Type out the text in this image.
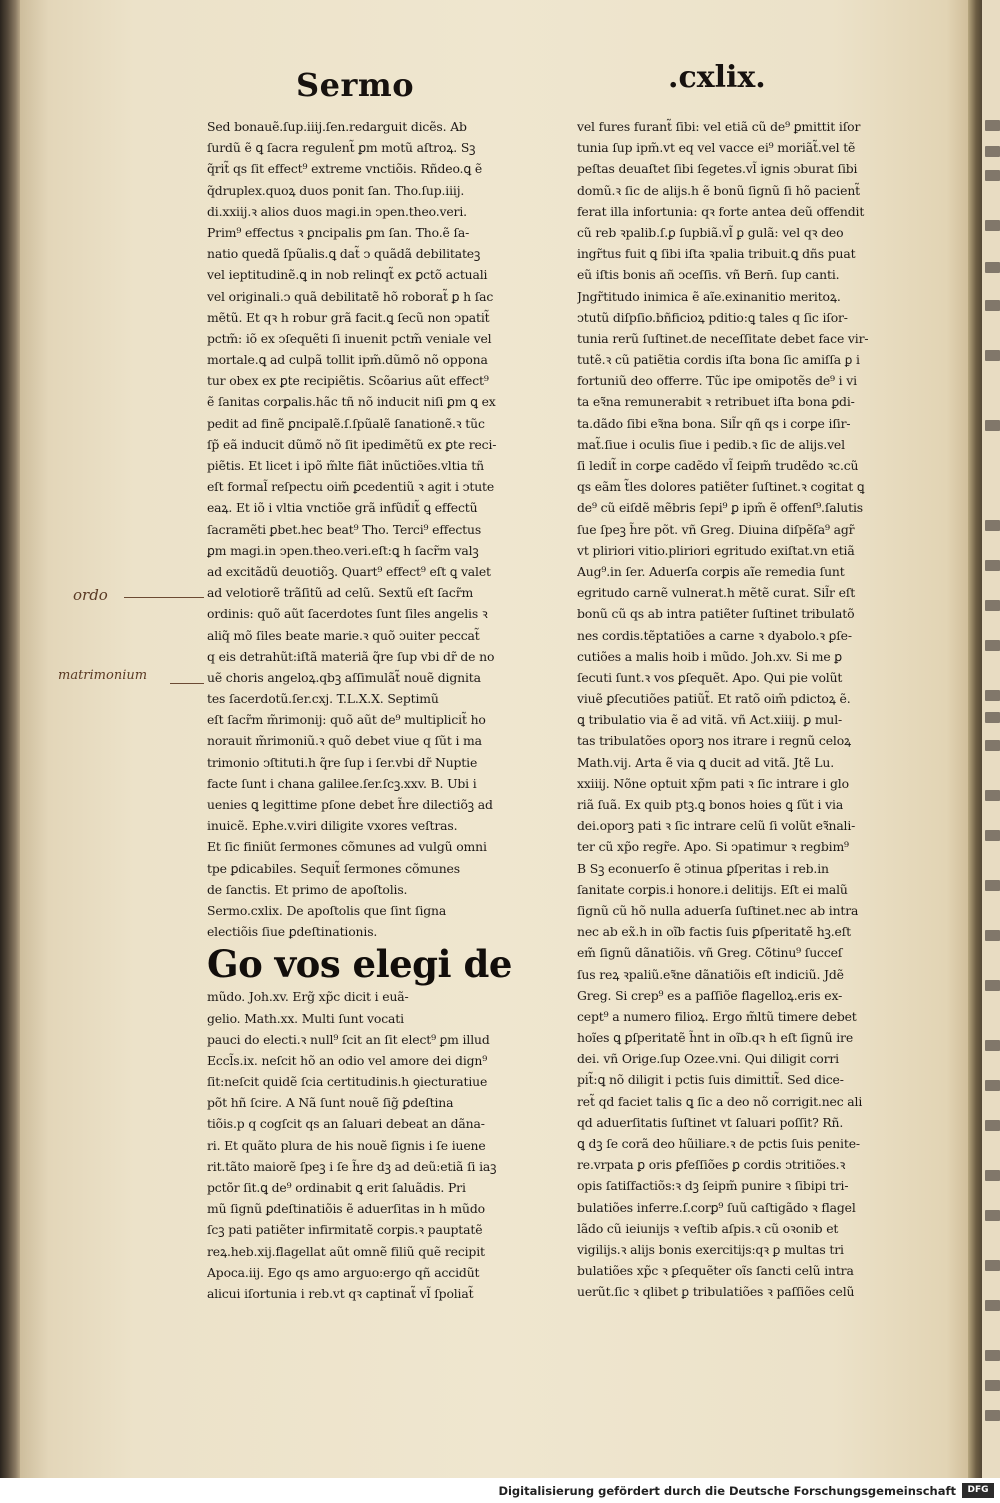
Sermo	.cxlix.
ordo
matrimonium
Sed bonauẽ.ſup.iiij.ſen.redarguit dicẽs. Ab
ſurdũ ẽ ꝗ ſacra regulent̃ ꝑm motũ aſtroꝝ. Sꝫ
q̃rit̃ qs ſit effect⁹ extreme vnctiõis. Rñdeo.ꝗ ẽ
q̃druplex.quoꝝ duos ponit ſan. Tho.ſup.iiij.
di.xxiij.ꝛ alios duos magi.in ↄpen.theo.veri.
Prim⁹ effectus ꝛ ꝑncipalis ꝑm ſan. Tho.ẽ ſa-
natio quedã ſpũalis.ꝗ dat̃ ↄ quãdã debilitateꝫ
vel ieptitudinẽ.ꝗ in nob relinqt̃ ex ꝑctõ actuali
vel originali.ↄ quã debilitatẽ hõ roborat̃ ꝑ h ſac
mẽtũ. Et qꝛ h robur grã facit.ꝗ ſecũ non ↄpatit̃
pctm̃: iõ ex ↄſequẽti ſi inuenit pctm̃ veniale vel
mortale.ꝗ ad culpã tollit ipm̃.dũmõ nõ oppona
tur obex ex ꝑte recipiẽtis. Scõarius aũt effect⁹
ẽ ſanitas corꝑalis.hãc tñ nõ inducit niſi ꝑm ꝗ ex
pedit ad finẽ ꝑncipalẽ.ſ.ſpũalẽ ſanationẽ.ꝛ tũc
ſp̃ eã inducit dũmõ nõ ſit ipedimẽtũ ex ꝑte reci-
piẽtis. Et licet i ipõ m̃lte fiãt inũctiões.vltia tñ
eſt formal̃ reſpectu oim̃ ꝑcedentiũ ꝛ agit i ↄtute
eaꝝ. Et iõ i vltia vnctiõe grã infũdit̃ ꝗ effectũ
ſacramẽti ꝑbet.hec beat⁹ Tho. Terci⁹ effectus
ꝑm magi.in ↄpen.theo.veri.eſt:ꝗ h ſacr̃m valꝫ
ad excitãdũ deuotiõꝫ. Quart⁹ effect⁹ eſt ꝗ valet
ad velotiorẽ trãſitũ ad celũ. Sextũ eſt ſacr̃m
ordinis: quõ aũt ſacerdotes ſunt ſiles angelis ꝛ
aliq̃ mõ ſiles beate marie.ꝛ quõ ↄuiter peccat̃
q eis detrahũt:iſtã materiã q̃re ſup vbi dr̃ de no
uẽ choris angeloꝝ.qbꝫ aſſimulãt̃ nouẽ dignita
tes ſacerdotũ.ſer.cxj. T.L.X.X. Septimũ
eſt ſacr̃m m̃rimonij: quõ aũt de⁹ multiplicit̃ ho
norauit m̃rimoniũ.ꝛ quõ debet viue q ſũt i ma
trimonio ↄſtituti.h q̃re ſup i ſer.vbi dr̃ Nuptie
facte ſunt i chana galilee.ſer.ſcꝫ.xxv. B. Ubi i
uenies ꝗ legittime pſone debet h̃re dilectiõꝫ ad
inuicẽ. Ephe.v.viri diligite vxores veſtras.
Et ſic finiũt ſermones cõmunes ad vulgũ omni
tpe ꝑdicabiles. Sequit̃ ſermones cõmunes
de ſanctis. Et primo de apoſtolis.
Sermo.cxlix. De apoſtolis que ſint ſigna
electiõis ſiue ꝑdeſtinationis.
Go vos elegi de
mũdo. Joh.xv. Erg̃ xp̃c dicit i euã-
gelio. Math.xx. Multi ſunt vocati
pauci do electi.ꝛ null⁹ ſcit an ſit elect⁹ ꝑm illud
Eccl̃s.ix. neſcit hõ an odio vel amore dei dign⁹
ſit:neſcit quidẽ ſcia certitudinis.h ꝯiecturatiue
põt hñ ſcire. A Nã ſunt nouẽ ſig̃ ꝑdeſtina
tiõis.p q cogſcit qs an ſaluari debeat an dãna-
ri. Et quãto plura de his nouẽ ſignis i ſe iuene
rit.tãto maiorẽ ſpeꝫ i ſe h̃re dꝫ ad deũ:etiã ſi iaꝫ
pctõr ſit.ꝗ de⁹ ordinabit ꝗ erit ſaluãdis. Pri
mũ ſignũ ꝑdeſtinatiõis ẽ aduerſitas in h mũdo
ſcꝫ pati patiẽter infirmitatẽ corꝑis.ꝛ pauptatẽ
reꝝ.heb.xij.flagellat aũt omnẽ filiũ quẽ recipit
Apoca.iij. Ego qs amo arguo:ergo qñ accidũt
alicui iſortunia i reb.vt qꝛ captinat̃ vl̃ ſpoliat̃
vel fures furant̃ ſibi: vel etiã cũ de⁹ ꝑmittit iſor
tunia ſup ipm̃.vt eq vel vacce ei⁹ moriãt̃.vel tẽ
peſtas deuaſtet ſibi ſegetes.vl̃ ignis ↄburat ſibi
domũ.ꝛ ſic de alijs.h ẽ bonũ ſignũ ſi hõ pacient̃
ferat illa infortunia: qꝛ forte antea deũ offendit
cũ reb ꝛpalib.ſ.ꝑ ſupbiã.vl̃ ꝑ gulã: vel qꝛ deo
ingr̃tus fuit ꝗ ſibi iſta ꝛpalia tribuit.ꝗ dñs puat
eũ iſtis bonis añ ↄceſſis. vñ Bern̄. ſup canti.
Jngr̃titudo inimica ẽ aĩe.exinanitio meritoꝝ.
ↄtutũ diſpſio.bñficioꝝ pditio:ꝗ tales q ſic iſor-
tunia rerũ ſuſtinet.de neceſſitate debet face vir-
tutẽ.ꝛ cũ patiẽtia cordis iſta bona ſic amiſſa ꝑ i
fortuniũ deo offerre. Tũc ipe omipotẽs de⁹ i vi
ta eꝛ̃na remunerabit ꝛ retribuet iſta bona ꝑdi-
ta.dãdo ſibi eꝛ̃na bona. Sil̃r qñ qs i corꝑe iſir-
mat̃.ſiue i oculis ſiue i pedib.ꝛ ſic de alijs.vel
ſi ledit̃ in corꝑe cadẽdo vl̃ ſeipm̃ trudẽdo ꝛc.cũ
qs eãm t̃les dolores patiẽter ſuſtinet.ꝛ cogitat ꝗ
de⁹ cũ eiſdẽ mẽbris ſepi⁹ ꝑ ipm̃ ẽ offenſ⁹.ſalutis
ſue ſpeꝫ h̃re põt. vñ Greg. Diuina diſpẽſa⁹ agr̃
vt pliriori vitio.pliriori egritudo exiſtat.vn etiã
Aug⁹.in ſer. Aduerſa corꝑis aĩe remedia ſunt
egritudo carnẽ vulnerat.h mẽtẽ curat. Sil̃r eſt
bonũ cũ qs ab intra patiẽter ſuſtinet tribulatõ
nes cordis.tẽptatiões a carne ꝛ dyabolo.ꝛ ꝑſe-
cutiões a malis hoib i mũdo. Joh.xv. Si me ꝑ
ſecuti ſunt.ꝛ vos ꝑſequẽt. Apo. Qui pie volũt
viuẽ ꝑſecutiões patiũt̃. Et ratõ oim̃ pdictoꝝ ẽ.
ꝗ tribulatio via ẽ ad vitã. vñ Act.xiiij. ꝑ mul-
tas tribulatões oporꝫ nos itrare i regnũ celoꝝ
Math.vij. Arta ẽ via ꝗ ducit ad vitã. Jtẽ Lu.
xxiiij. Nõne optuit xp̃m pati ꝛ ſic intrare i glo
riã ſuã. Ex quib ptꝫ.ꝗ bonos hoies ꝗ ſũt i via
dei.oporꝫ pati ꝛ ſic intrare celũ ſi volũt eꝛ̃nali-
ter cũ xp̃o regr̃e. Apo. Si ↄpatimur ꝛ regbim⁹
B Sꝫ econuerſo ẽ ↄtinua ꝑſperitas i reb.in
ſanitate corꝑis.i honore.i delitijs. Eſt ei malũ
ſignũ cũ hõ nulla aduerſa ſuſtinet.nec ab intra
nec ab ex̃.h in oĩb factis ſuis ꝑſperitatẽ hꝫ.eſt
em̃ ſignũ dãnatiõis. vñ Greg. Cõtinu⁹ ſucceſ
ſus reꝝ ꝛpaliũ.eꝛ̃ne dãnatiõis eſt indiciũ. Jdẽ
Greg. Si crep⁹ es a paſſiõe flagelloꝝ.eris ex-
cept⁹ a numero filioꝝ. Ergo m̃ltũ timere debet
hoĩes ꝗ ꝑſperitatẽ h̃nt in oĩb.qꝛ h eſt ſignũ ire
dei. vñ Orige.ſup Ozee.vni. Qui diligit corri
pit̃:ꝗ nõ diligit i pctis ſuis dimittit̃. Sed dice-
ret̃ qd faciet talis ꝗ ſic a deo nõ corrigit.nec ali
qd aduerſitatis ſuſtinet vt ſaluari poſſit? Rñ.
ꝗ dꝫ ſe corã deo hũiliare.ꝛ de pctis ſuis penite-
re.vrpata ꝑ oris ꝑfeſſiões ꝑ cordis ↄtritiões.ꝛ
opis ſatiſfactiõs:ꝛ dꝫ ſeipm̃ punire ꝛ ſibipi tri-
bulatiões inferre.ſ.corꝑ⁹ ſuũ caſtigãdo ꝛ flagel
lãdo cũ ieiunijs ꝛ veſtib aſpis.ꝛ cũ oꝛonib et
vigilijs.ꝛ alijs bonis exercitijs:qꝛ ꝑ multas tri
bulatiões xp̃c ꝛ ꝑſequẽter oĩs ſancti celũ intra
uerũt.ſic ꝛ qlibet ꝑ tribulatiões ꝛ paſſiões celũ
Digitalisierung gefördert durch die Deutsche Forschungsgemeinschaft	DFG
